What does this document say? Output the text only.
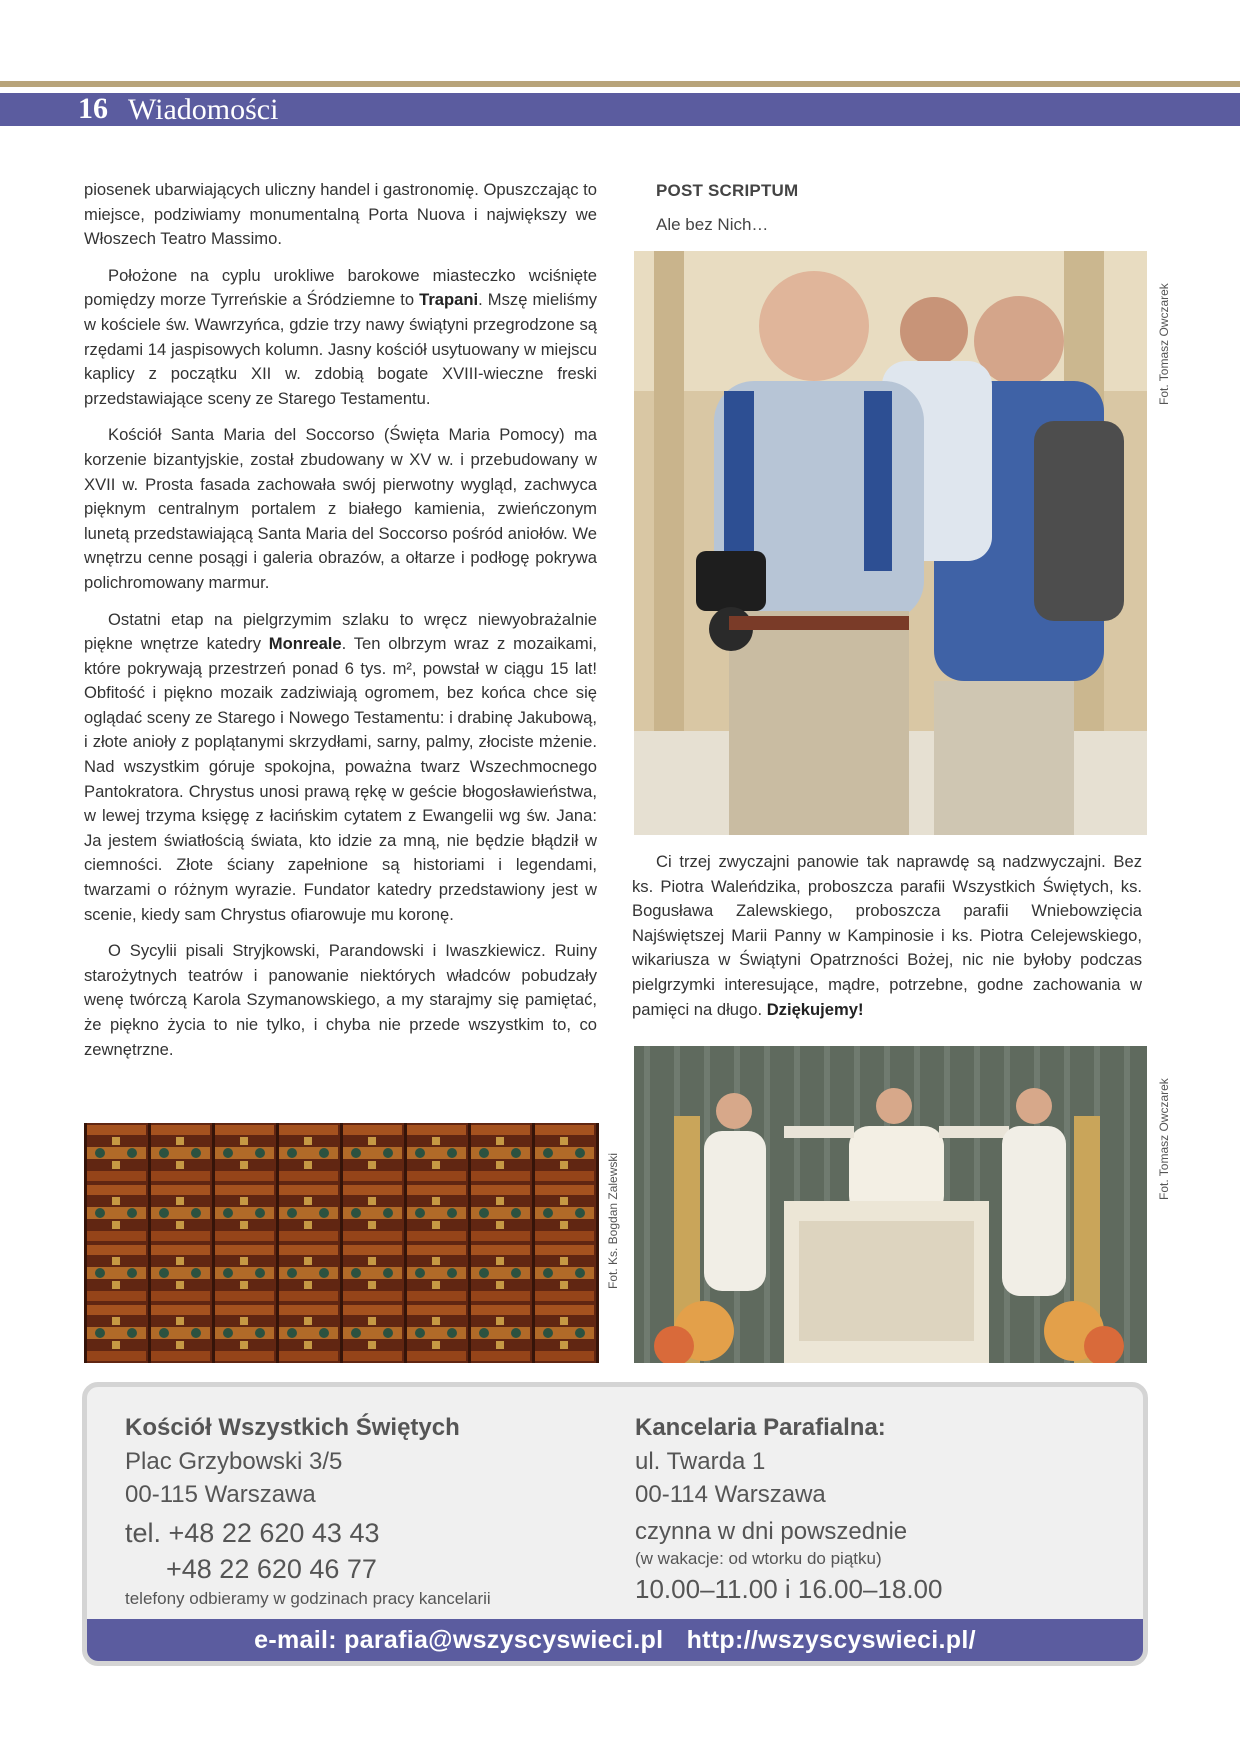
16 Wiadomości

piosenek ubarwiających uliczny handel i gastronomię. Opuszczając to miejsce, podziwiamy monumentalną Porta Nuova i największy we Włoszech Teatro Massimo.

Położone na cyplu urokliwe barokowe miasteczko wciśnięte pomiędzy morze Tyrreńskie a Śródziemne to Trapani. Mszę mieliśmy w kościele św. Wawrzyńca, gdzie trzy nawy świątyni przegrodzone są rzędami 14 jaspisowych kolumn. Jasny kościół usytuowany w miejscu kaplicy z początku XII w. zdobią bogate XVIII-wieczne freski przedstawiające sceny ze Starego Testamentu.

Kościół Santa Maria del Soccorso (Święta Maria Pomocy) ma korzenie bizantyjskie, został zbudowany w XV w. i przebudowany w XVII w. Prosta fasada zachowała swój pierwotny wygląd, zachwyca pięknym centralnym portalem z białego kamienia, zwieńczonym lunetą przedstawiającą Santa Maria del Soccorso pośród aniołów. We wnętrzu cenne posągi i galeria obrazów, a ołtarze i podłogę pokrywa polichromowany marmur.

Ostatni etap na pielgrzymim szlaku to wręcz niewyobrażalnie piękne wnętrze katedry Monreale. Ten olbrzym wraz z mozaikami, które pokrywają przestrzeń ponad 6 tys. m², powstał w ciągu 15 lat! Obfitość i piękno mozaik zadziwiają ogromem, bez końca chce się oglądać sceny ze Starego i Nowego Testamentu: i drabinę Jakubową, i złote anioły z poplątanymi skrzydłami, sarny, palmy, złociste mżenie. Nad wszystkim góruje spokojna, poważna twarz Wszechmocnego Pantokratora. Chrystus unosi prawą rękę w geście błogosławieństwa, w lewej trzyma księgę z łacińskim cytatem z Ewangelii wg św. Jana: Ja jestem światłością świata, kto idzie za mną, nie będzie błądził w ciemności. Złote ściany zapełnione są historiami i legendami, twarzami o różnym wyrazie. Fundator katedry przedstawiony jest w scenie, kiedy sam Chrystus ofiarowuje mu koronę.

O Sycylii pisali Stryjkowski, Parandowski i Iwaszkiewicz. Ruiny starożytnych teatrów i panowanie niektórych władców pobudzały wenę twórczą Karola Szymanowskiego, a my starajmy się pamiętać, że piękno życia to nie tylko, i chyba nie przede wszystkim to, co zewnętrzne.

Fot. Ks. Bogdan Zalewski
POST SCRIPTUM
Ale bez Nich…
Fot. Tomasz Owczarek

Ci trzej zwyczajni panowie tak naprawdę są nadzwyczajni. Bez ks. Piotra Waleńdzika, proboszcza parafii Wszystkich Świętych, ks. Bogusława Zalewskiego, proboszcza parafii Wniebowzięcia Najświętszej Marii Panny w Kampinosie i ks. Piotra Celejewskiego, wikariusza w Świątyni Opatrzności Bożej, nic nie byłoby podczas pielgrzymki interesujące, mądre, potrzebne, godne zachowania w pamięci na długo. Dziękujemy!

Fot. Tomasz Owczarek
Kościół Wszystkich Świętych
Plac Grzybowski 3/5
00-115 Warszawa
tel. +48 22 620 43 43
+48 22 620 46 77
telefony odbieramy w godzinach pracy kancelarii
Kancelaria Parafialna:
ul. Twarda 1
00-114 Warszawa
czynna w dni powszednie
(w wakacje: od wtorku do piątku)
10.00–11.00 i 16.00–18.00
e-mail: parafia@wszyscyswieci.pl http://wszyscyswieci.pl/
